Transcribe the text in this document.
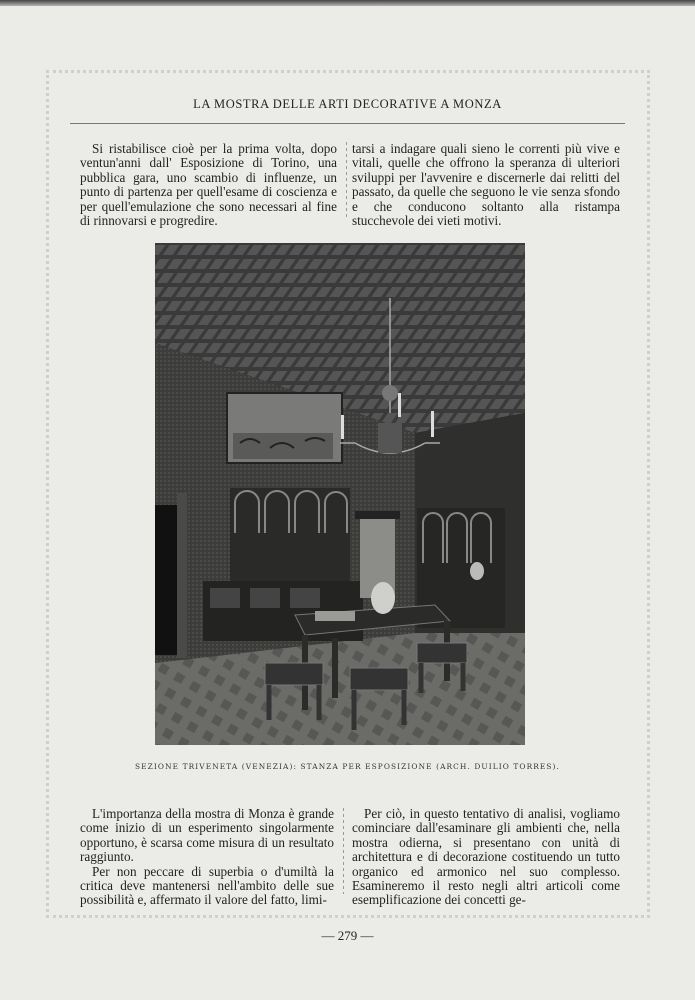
LA MOSTRA DELLE ARTI DECORATIVE A MONZA

Si ristabilisce cioè per la prima volta, dopo ventun'anni dall' Esposizione di Torino, una pubblica gara, uno scambio di influenze, un punto di partenza per quell'esame di coscienza e per quell'emulazione che sono necessari al fine di rinnovarsi e progredire.

tarsi a indagare quali sieno le correnti più vive e vitali, quelle che offrono la speranza di ulteriori sviluppi per l'avvenire e discernerle dai relitti del passato, da quelle che seguono le vie senza sfondo e che conducono soltanto alla ristampa stucchevole dei vieti motivi.

SEZIONE TRIVENETA (VENEZIA): STANZA PER ESPOSIZIONE (ARCH. DUILIO TORRES).

L'importanza della mostra di Monza è grande come inizio di un esperimento singolarmente opportuno, è scarsa come misura di un resultato raggiunto.

Per non peccare di superbia o d'umiltà la critica deve mantenersi nell'ambito delle sue possibilità e, affermato il valore del fatto, limi-

Per ciò, in questo tentativo di analisi, vogliamo cominciare dall'esaminare gli ambienti che, nella mostra odierna, si presentano con unità di architettura e di decorazione costituendo un tutto organico ed armonico nel suo complesso. Esamineremo il resto negli altri articoli come esemplificazione dei concetti ge-

— 279 —
